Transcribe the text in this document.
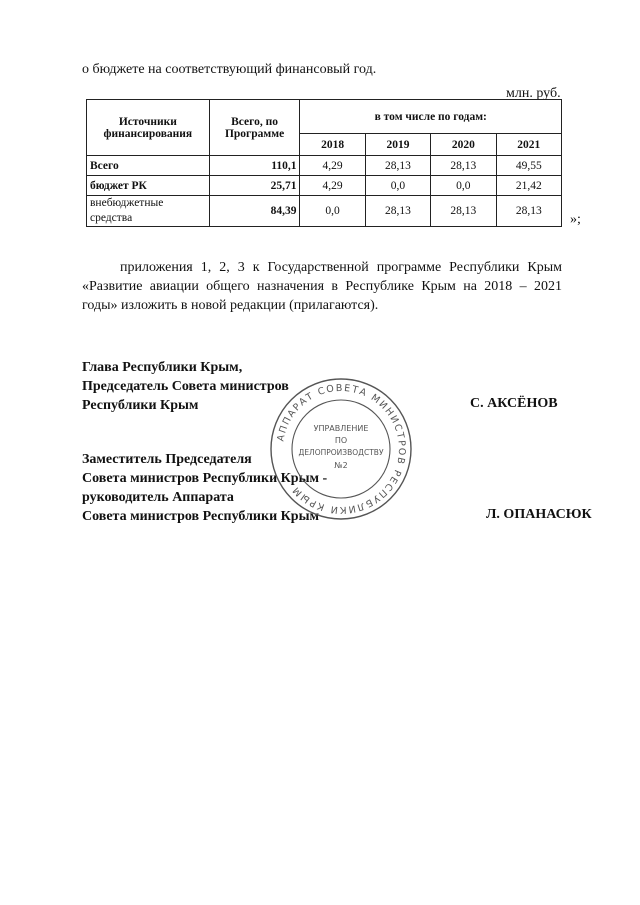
о бюджете на соответствующий финансовый год.
млн. руб.
Источники финансирования	Всего, по Программе	в том числе по годам:			
		2018	2019	2020	2021
Всего	110,1	4,29	28,13	28,13	49,55
бюджет РК	25,71	4,29	0,0	0,0	21,42
внебюджетные средства	84,39	0,0	28,13	28,13	28,13
»;
приложения 1, 2, 3 к Государственной программе Республики Крым «Развитие авиации общего назначения в Республике Крым на 2018 – 2021 годы» изложить в новой редакции (прилагаются).
Глава Республики Крым,
Председатель Совета министров
Республики Крым	С. АКСЁНОВ
Заместитель Председателя
Совета министров Республики Крым -
руководитель Аппарата
Совета министров Республики Крым	Л. ОПАНАСЮК
АППАРАТ СОВЕТА МИНИСТРОВ РЕСПУБЛИКИ КРЫМ
УПРАВЛЕНИЕ
ПО
ДЕЛОПРОИЗВОДСТВУ
№2
